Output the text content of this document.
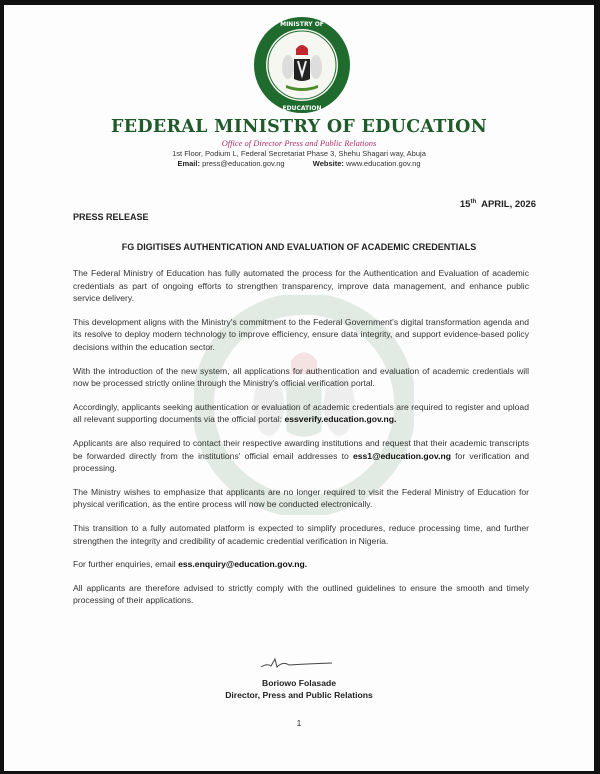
MINISTRY OF
EDUCATION
FEDERAL MINISTRY OF EDUCATION
Office of Director Press and Public Relations
1st Floor, Podium L, Federal Secretariat Phase 3, Shehu Shagari way, Abuja
Email: press@education.gov.ng	Website: www.education.gov.ng
15th APRIL, 2026
PRESS RELEASE
FG DIGITISES AUTHENTICATION AND EVALUATION OF ACADEMIC CREDENTIALS

The Federal Ministry of Education has fully automated the process for the Authentication and Evaluation of academic credentials as part of ongoing efforts to strengthen transparency, improve data management, and enhance public service delivery.

This development aligns with the Ministry's commitment to the Federal Government's digital transformation agenda and its resolve to deploy modern technology to improve efficiency, ensure data integrity, and support evidence-based policy decisions within the education sector.

With the introduction of the new system, all applications for authentication and evaluation of academic credentials will now be processed strictly online through the Ministry's official verification portal.

Accordingly, applicants seeking authentication or evaluation of academic credentials are required to register and upload all relevant supporting documents via the official portal: essverify.education.gov.ng.

Applicants are also required to contact their respective awarding institutions and request that their academic transcripts be forwarded directly from the institutions' official email addresses to ess1@education.gov.ng for verification and processing.

The Ministry wishes to emphasize that applicants are no longer required to visit the Federal Ministry of Education for physical verification, as the entire process will now be conducted electronically.

This transition to a fully automated platform is expected to simplify procedures, reduce processing time, and further strengthen the integrity and credibility of academic credential verification in Nigeria.

For further enquiries, email ess.enquiry@education.gov.ng.

All applicants are therefore advised to strictly comply with the outlined guidelines to ensure the smooth and timely processing of their applications.

Boriowo Folasade
Director, Press and Public Relations
1
